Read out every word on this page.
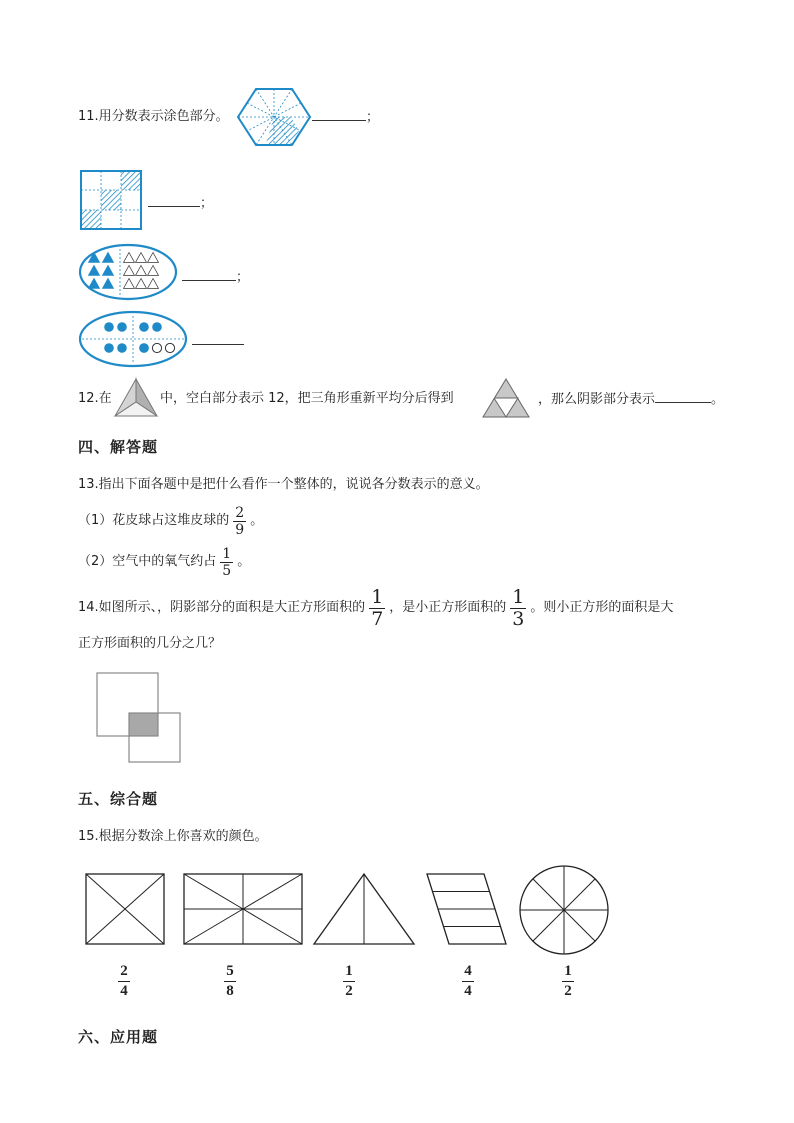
11.用分数表示涂色部分。	；
；
；
12.在	中，空白部分表示 12，把三角形重新平均分后得到	，那么阴影部分表示	。
四、解答题
13.指出下面各题中是把什么看作一个整体的，说说各分数表示的意义。
（1）花皮球占这堆皮球的 $\frac{2}{9}$ 。
（2）空气中的氧气约占 $\frac{1}{5}$ 。
14.如图所示、，阴影部分的面积是大正方形面积的 $\frac{1}{7}$ ，是小正方形面积的 $\frac{1}{3}$ 。则小正方形的面积是大
正方形面积的几分之几？
五、综合题
15.根据分数涂上你喜欢的颜色。
2
4
5
8
1
2
4
4
1
2
六、应用题
